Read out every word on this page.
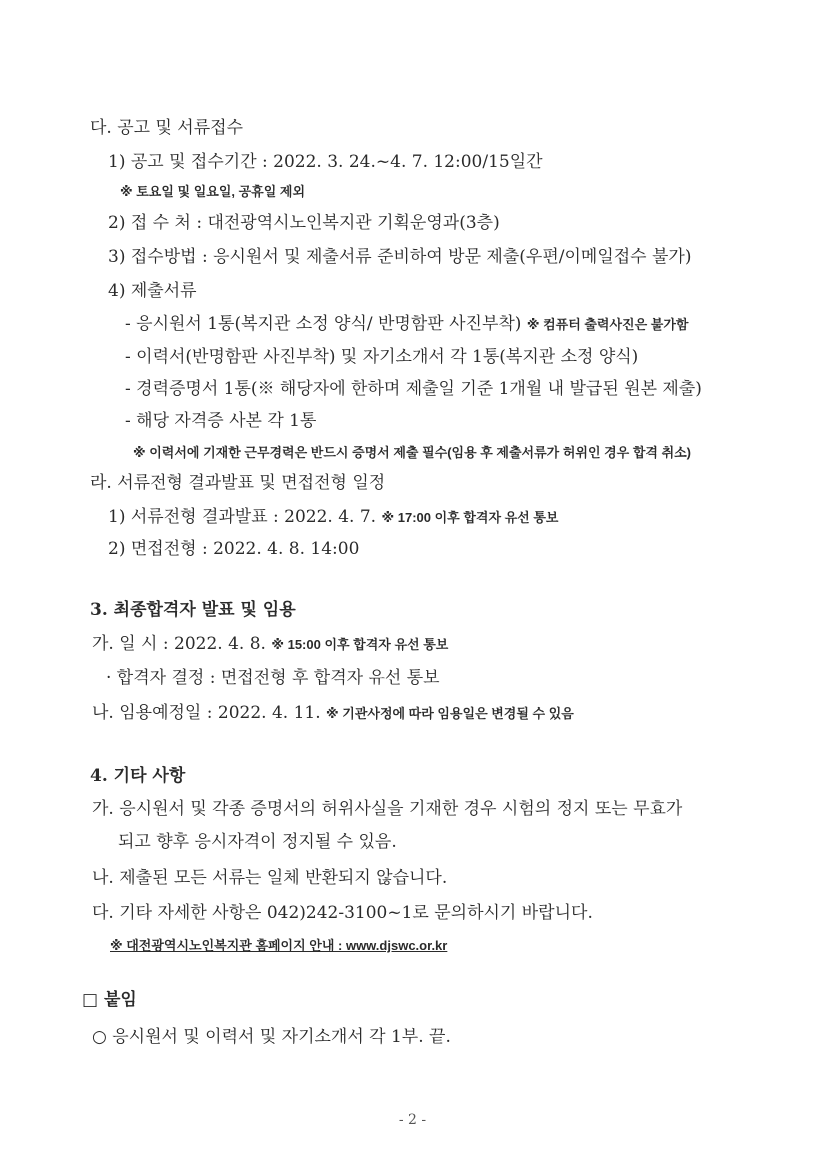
다. 공고 및 서류접수
1) 공고 및 접수기간 : 2022. 3. 24.~4. 7. 12:00/15일간
※ 토요일 및 일요일, 공휴일 제외
2) 접 수 처 : 대전광역시노인복지관 기획운영과(3층)
3) 접수방법 : 응시원서 및 제출서류 준비하여 방문 제출(우편/이메일접수 불가)
4) 제출서류
- 응시원서 1통(복지관 소정 양식/ 반명함판 사진부착) ※ 컴퓨터 출력사진은 불가함
- 이력서(반명함판 사진부착) 및 자기소개서 각 1통(복지관 소정 양식)
- 경력증명서 1통(※ 해당자에 한하며 제출일 기준 1개월 내 발급된 원본 제출)
- 해당 자격증 사본 각 1통
※ 이력서에 기재한 근무경력은 반드시 증명서 제출 필수(임용 후 제출서류가 허위인 경우 합격 취소)
라. 서류전형 결과발표 및 면접전형 일정
1) 서류전형 결과발표 : 2022. 4. 7. ※ 17:00 이후 합격자 유선 통보
2) 면접전형 : 2022. 4. 8. 14:00
3. 최종합격자 발표 및 임용
가. 일 시 : 2022. 4. 8. ※ 15:00 이후 합격자 유선 통보
· 합격자 결정 : 면접전형 후 합격자 유선 통보
나. 임용예정일 : 2022. 4. 11. ※ 기관사정에 따라 임용일은 변경될 수 있음
4. 기타 사항
가. 응시원서 및 각종 증명서의 허위사실을 기재한 경우 시험의 정지 또는 무효가
되고 향후 응시자격이 정지될 수 있음.
나. 제출된 모든 서류는 일체 반환되지 않습니다.
다. 기타 자세한 사항은 042)242-3100~1로 문의하시기 바랍니다.
※ 대전광역시노인복지관 홈페이지 안내 : www.djswc.or.kr
□ 붙임
○ 응시원서 및 이력서 및 자기소개서 각 1부. 끝.
- 2 -
